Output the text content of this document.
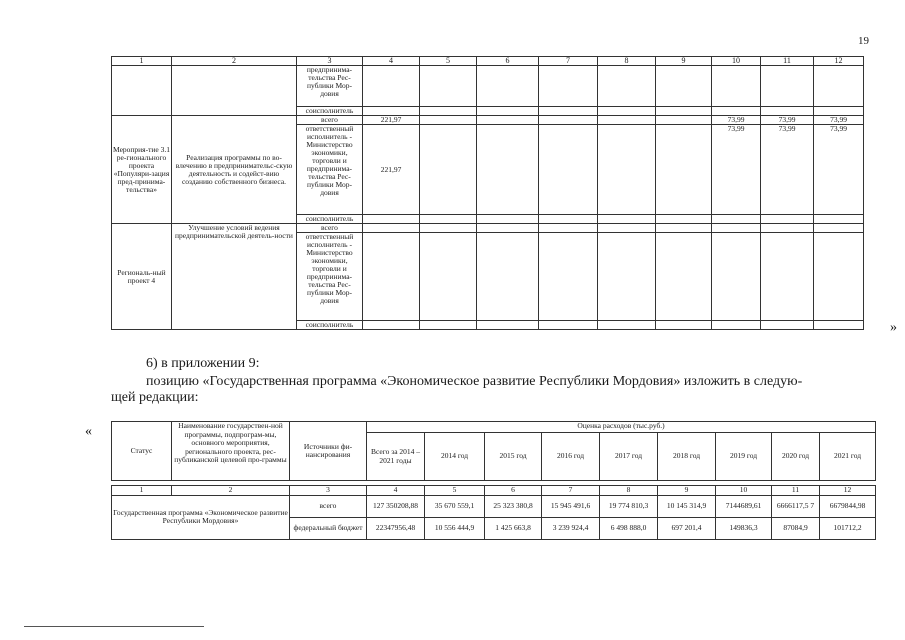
19
1	2	3	4	5	6	7	8	9	10	11	12
		предпринима-тельства Рес-публики Мор-довия									
		соисполнитель									
Мероприя-тие 3.1 ре-гионального проекта «Популяри-зация пред-принима-тельства»	Реализация программы по во-влечению в предпринимательс-скую деятельность и содейст-вию созданию собственного бизнеса.	всего	221,97						73,99	73,99	73,99
		ответственный исполнитель - Министерство экономики, торговли и предпринима-тельства Рес-публики Мор-довия	221,97						73,99	73,99	73,99
		соисполнитель									
Региональ-ный проект 4	Улучшение условий ведения предпринимательской деятель-ности	всего									
		ответственный исполнитель - Министерство экономики, торговли и предпринима-тельства Рес-публики Мор-довия									
		соисполнитель										»
6) в приложении 9:
позицию «Государственная программа «Экономическое развитие Республики Мордовия» изложить в следую-
щей редакции:
«
Статус	Наименование государствен-ной программы, подпрограм-мы, основного мероприятия, регионального проекта, рес-публиканской целевой про-граммы	Источники фи-нансирования	Оценка расходов (тыс.руб.)								
			Всего за 2014 – 2021 годы	2014 год	2015 год	2016 год	2017 год	2018 год	2019 год	2020 год	2021 год

1	2	3	4	5	6	7	8	9	10	11	12
Государственная программа «Экономическое развитие Республики Мордовия»		всего	127 350208,88	35 670 559,1	25 323 380,8	15 945 491,6	19 774 810,3	10 145 314,9	7144689,61	6666117,5 7	6679844,98
		федеральный бюджет	22347956,48	10 556 444,9	1 425 663,8	3 239 924,4	6 498 888,0	697 201,4	149836,3	87084,9	101712,2
